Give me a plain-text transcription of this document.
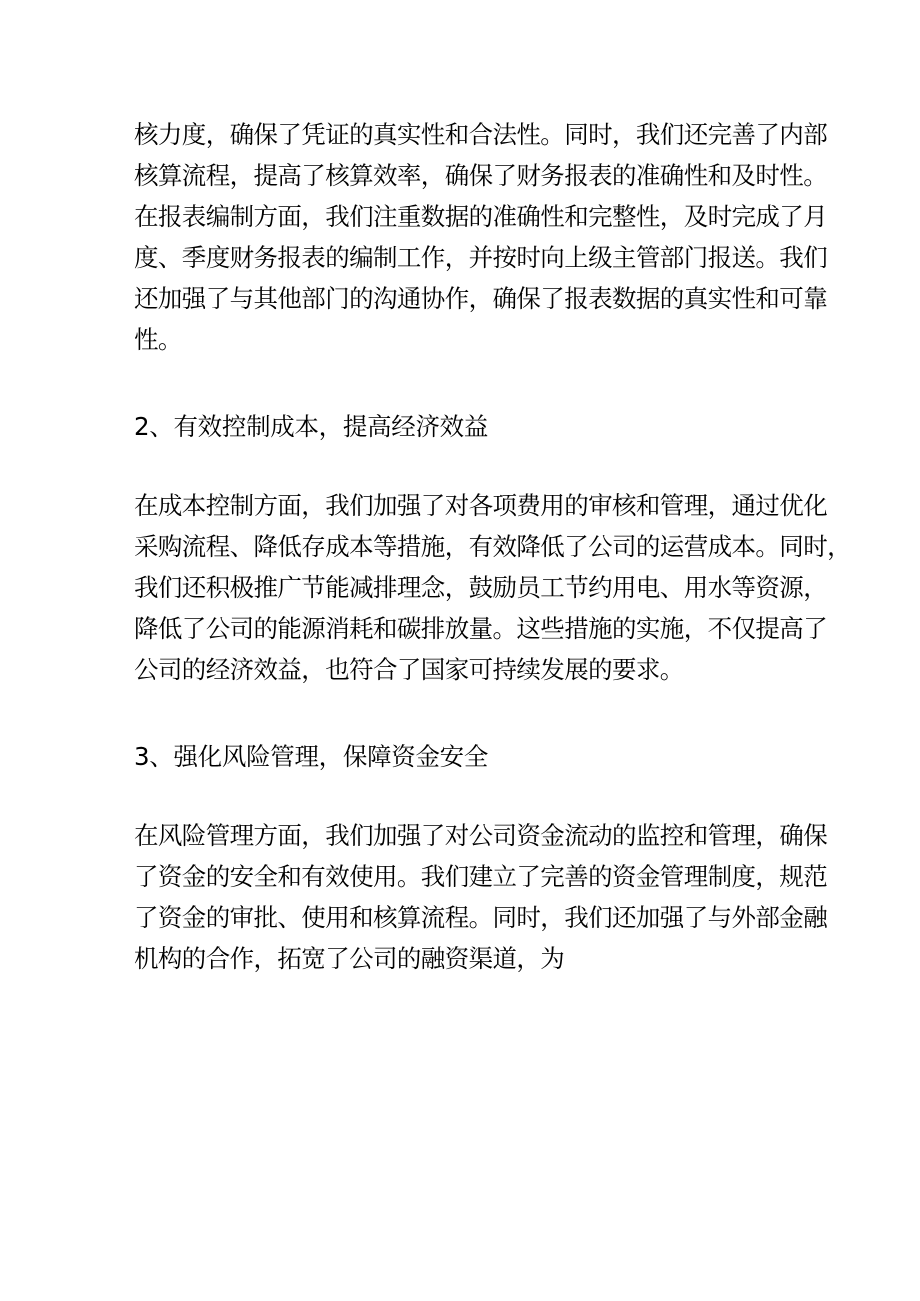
核力度，确保了凭证的真实性和合法性。同时，我们还完善了内部
核算流程，提高了核算效率，确保了财务报表的准确性和及时性。
在报表编制方面，我们注重数据的准确性和完整性，及时完成了月
度、季度财务报表的编制工作，并按时向上级主管部门报送。我们
还加强了与其他部门的沟通协作，确保了报表数据的真实性和可靠
性。
2、有效控制成本，提高经济效益
在成本控制方面，我们加强了对各项费用的审核和管理，通过优化
采购流程、降低存成本等措施，有效降低了公司的运营成本。同时，
我们还积极推广节能减排理念，鼓励员工节约用电、用水等资源，
降低了公司的能源消耗和碳排放量。这些措施的实施，不仅提高了
公司的经济效益，也符合了国家可持续发展的要求。
3、强化风险管理，保障资金安全
在风险管理方面，我们加强了对公司资金流动的监控和管理，确保
了资金的安全和有效使用。我们建立了完善的资金管理制度，规范
了资金的审批、使用和核算流程。同时，我们还加强了与外部金融
机构的合作，拓宽了公司的融资渠道，为
